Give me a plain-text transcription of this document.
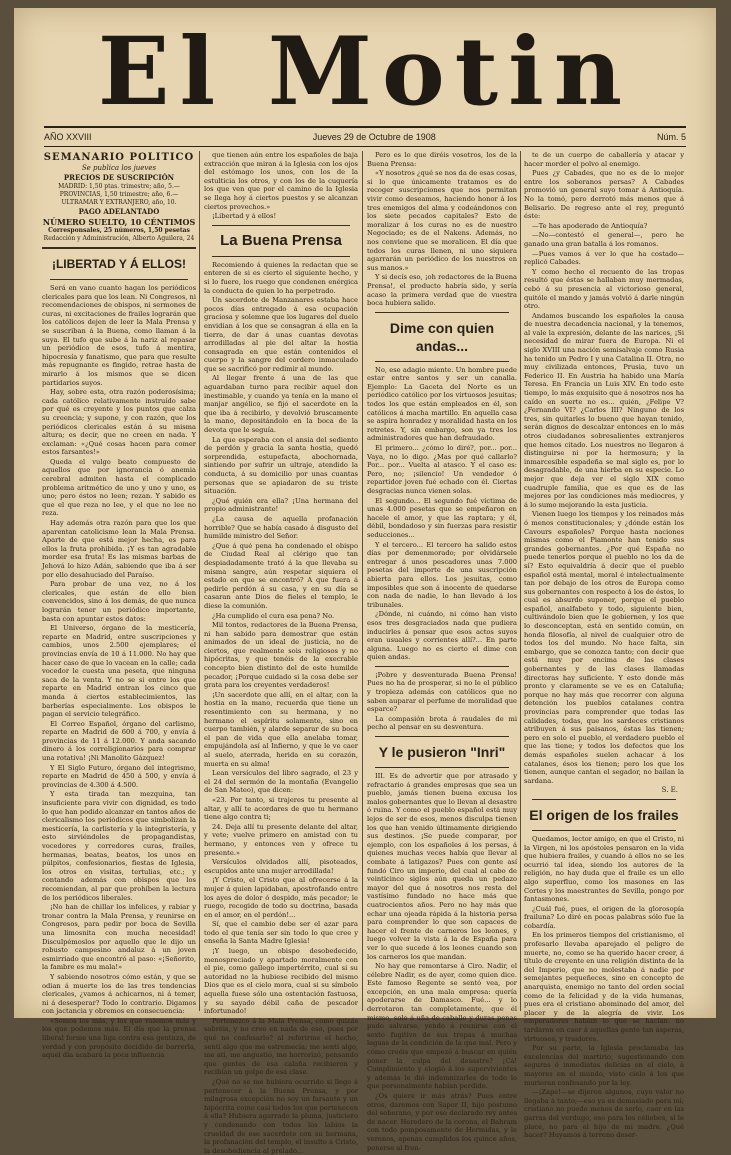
El Motin
AÑO XXVIII	Jueves 29 de Octubre de 1908	Núm. 5
SEMANARIO POLITICO
Se publica los jueves
PRECIOS DE SUSCRIPCIÓN
MADRID: 1,50 ptas. trimestre; año, 5.—PROVINCIAS, 1,50 trimestre; año, 6.—ULTRAMAR Y EXTRANJERO, año, 10.
PAGO ADELANTADO
NÚMERO SUELTO, 10 CÉNTIMOS
Corresponsales, 25 números, 1,50 pesetas
Redacción y Administración, Alberto Aguilera, 24
¡LIBERTAD Y Á ELLOS!

Será en vano cuanto hagan los periódicos clericales para que los lean. Ni Congresos, ni recomendaciones de obispos, ni sermones de curas, ni excitaciones de frailes lograrán que los católicos dejen de leer la Mala Prensa y se suscriban á la Buena, como llaman á la suya. El tufo que sube á la nariz al repasar un periódico de esos, tufo á mentira, hipocresía y fanatismo, que para que resulte más repugnante es fingido, retrae hasta de mirarlo á los mismos que se dicen partidarios suyos.

Hay, sobre esta, otra razón poderosísima; cada católico relativamente instruído sabe por qué es creyente y los puntos que calza su creencia; y supone, y con razón, que los periódicos clericales están á su misma altura; es decir, que no creen en nada. Y exclaman: «¿Qué cosas hacen para comer estos farsantes!»

Queda el vulgo beato compuesto de aquellos que por ignorancia ó anemia cerebral admiten hasta el complicado problema aritmético de uno y uno y uno, es uno; pero éstos no leen; rezan. Y sabido es que el que reza no lee, y el que no lee no reza.

Hay además otra razón para que los que aparentan catolicismo lean la Mala Prensa. Aparte de que está mejor hecha, es para ellos la fruta prohibida. ¡Y es tan agradable morder esa fruta! Es las mismas barbas de Jehová lo hizo Adán, sabiendo que iba á ser por ello desahuciado del Paraíso.

Para probar de una vez, no á los clericales, que están de ello bien convencidos, sino á los demás, de que nunca lograrán tener un periódico importante, basta con apuntar estos datos:

El Universo, órgano de la mesticería, reparte en Madrid, entre suscripciones y cambios, unos 2.500 ejemplares; el provincias envía de 10 á 11.000. No hay que hacer caso de que lo vacean en la calle; cada vocedor le cuesta una peseta, que ninguna saca de la venta. Y no se si entre los que reparte en Madrid entran los cinco que manda á ciertos establecimientos, las barberías especialmente. Los obispos le pagan el servicio telegráfico.

El Correo Español, órgano del carlismo, reparte en Madrid de 600 á 700, y envía á provincias de 11 á 12.000. Y anda sacando dinero á los correligionarios para comprar una rotativa! ¡Ni Manolito Gázquez!

Y El Siglo Futuro, órgano del integrismo, reparte en Madrid de 450 á 500, y envía á provincias de 4.300 á 4.500.

Y esta tirada tan mezquina, tan insuficiente para vivir con dignidad, es todo lo que han podido alcanzar en tantos años de clericalismo los periódicos que simbolizan la mesticería, la carlistería y la integristería, y esto sirviéndoles de propagandistas, vocedores y corredores curas, frailes, hermanas, beatas, beatos, los unos en púlpitos, confesionarios, fiestas de Iglesia, los otros en visitas, tertulias, etc.; y contando además con obispos que los recomiendan, al par que prohíben la lectura de los periódicos liberales.

¡No han de chillar los infelices, y rabiar y tronar contra la Mala Prensa, y reunirse en Congresos, para pedir por boca de Sevilla una limosnita con mucha necesidad! Disculpémoslos por aquello que le dijo un robusto campesino andaluz á un joven esmirriado que encontró al paso: «¡Señorito, la fambre es mu mala!»

Y sabiendo nosotros cómo están, y que se odian á muerte los de las tres tendencias clericales, ¿vamos á achicarnos, ni á temer, ni á desesperar? Todo lo contrario. Digamos con jactancia y obremos en consecuencia:

«Somos los más, y los que valemos más y los que podemos más. El día que la prensa liberal forme una liga contra esa gentuza, de verdad y con propósito decidido de barrerla, aquel día acabará la poca influencia

que tienen aún entre los españoles de baja extracción que miran á la Iglesia con los ojos del estómago los unos, con los de la estulticia los otros, y con los de la cuquería los que ven que por el camino de la Iglesia se llega hoy á ciertos puestos y se alcanzan ciertos provechos.»

¡Libertad y á ellos!

La Buena Prensa

Recomiendo á quienes la redactan que se enteren de si es cierto el siguiente hecho, y si lo fuere, los ruego que condenen enérgica la conducta de quien lo ha perpetrado.

Un sacerdote de Manzanares estaba hace pocos días entregado á esa ocupación graciosa y solemne que los lugares del duelo envidian á los que se consagran á ella en la tierra, de dar á unas cuantas devotas arrodilladas al pie del altar la hostia consagrada en que están contenidos el cuerpo y la sangre del cordero inmaculado que se sacrificó por redimir al mundo.

Al llegar frente á una de las que aguardaban turno para recibir aquel don inestimable, y cuando ya tenía en la mano el manjar angélico, se fijó el sacerdote en la que iba á recibirlo, y devolvió bruscamente la mano, depositándolo en la boca de la devota que le seguía.

La que esperaba con el ansia del sediento de perdón y gracia la santa hostia, quedó sorprendida, estupefacta, abochornada, sintiendo por sufrir un ultraje, atendido la conducta, á su domicilio por unas cuantas personas que se apiadaron de su triste situación.

¿Qué quién era ella? ¡Una hermana del propio administrante!

¿La causa de aquella profanación horrible? Que se había casado á disgusto del humilde ministro del Señor.

¿Que á qué pena ha condenado el obispo de Ciudad Real al clérigo que tan despiadadamente trató á la que llevaba su misma sangre, aún respetar siquiera el estado en que se encontró? A que fuera á pedirle perdón á su casa, y en su día se casaran ante Dios de fieles el templo, le diese la comunión.

¿Ha cumplido el cura esa pena? No.

Mil tontos, redactores de la Buena Prensa, ni han sabido para demostrar que están animados de un ideal de justicia, no de ciertos, que realmente sois religiosos y no hipócritas, y que tenéis de la execrable concepto bien distinto del de este humilde pecador, ¡Porque cuidado si la cosa debe ser grata para los creyentes verdaderos!

¡Un sacerdote que allí, en el altar, con la hostia en la mano, recuerda que tiene un resentimiento con su hermana, y no hermano el espíritu solamente, sino en cuerpo también, y alarde separar de su boca el pan de vida que ella anelaba tomar, empujándola así al Infierno, y que le ve caer al suelo, aterrada, herida en su corazón, muerta en su alma!

Lean versículos del libro sagrado, el 23 y el 24 del sermón de la montaña (Evangelio de San Mateo), que dicen:

«23. Por tanto, si trajeres tu presente al altar, y allí te acordares de que tu hermano tiene algo contra ti;

24. Deja allí tu presente delante del altar, y vete; vuelve primero en amistad con tu hermano, y entonces ven y ofrece tu presente.»

Versículos olvidados allí, pisoteados, escupidos ante una mujer arrodillada!

¡Y Cristo, el Cristo que al ofrecerse á la mujer á quien lapidaban, apostrofando entre los ayes de dolor ó despido, más pecador; le ruego, recogido de todo su doctrina, basada en el amor, en el perdón!...

Sí, que el cambio debe ser el azar para todo el que tenía ser sin todo lo que cree y enseña la Santa Madre Iglesia!

¡Y luego, un obispo desobedecido, menospreciado y apartado moralmente con el pie, como gallego impertérrito, cual si su autoridad no la hubiese recibido del mismo Dios que es el cielo mora, cual si su símbolo aquella fuese sólo una ostentación fastuosa, y su sayado débil caña de pescador infortunado!

Pertenezco á la Mala Prensa, como quizás sabréis, y no creo en nada de eso, pues por qué no confesarlo? al referirme el hecho, sentí algo que me estremecía; me sentí algo, me atí, me angustió, me horrorizó, pensando que gentes de esa calaña recibieron y recibían un golpe de esa clase.

¿Qué no se me hubiera ocurrido si llego á pertenecer á la Buena Prensa, y por milagrosa excepción no soy un farsante y un hipócrita como casi todos los que pertenecen á ella? Hubiera agarrado la pluma, justiciero y condenando con todos los labios la crueldad de ese sacerdote con su hermana, la profanación del templo, el insulto á Cristo, la desobediencia al prelado...

Pero es lo que diréis vosotros, los de la Buena Prensa:

«Y nosotros ¿qué se nos da de esas cosas, si lo que únicamente tratamos es de recoger suscripciones que nos permitan vivir como deseamos, haciendo honor á los tres enemigos del alma y codeándonos con los siete pecados capitales? Esto de moralizar á los curas no es de nuestro Negociado; es de el Nakens. Además, no nos conviene que se moralicen. El día que todos los curas llenen, ni uno siquiera agarrarán un periódico de los nuestros en sus manos.»

Y si decís eso, ¡oh redactores de la Buena Prensa!, el producto habría sido, y sería acaso la primera verdad que de vuestra boca hubiera salido.

Dime con quien andas...

No, ese adagio miente. Un hombre puede estar entre santos y ser un canalla. Ejemplo: La Gaceta del Norte es un periódico católico por los virtuosos jesuitas; todos los que están empleados en él, son católicos á macha martillo. En aquella casa se aspira honradez y moralidad hasta en los retretes. Y, sin embargo, son ya tres los administradores que han defraudado.

El primero... ¿cómo lo diré?, por... por... Vaya, no lo digo. ¿Mas por qué callarlo? Por... por... Vuelta al atasco. Y el caso es: Pero, no; ¡silencio! Un vendedor ó repartidor joven fué echado con él. Ciertas desgracias nunca vienen solas.

El segundo... El segundo fué víctima de unas 4.000 pesetas que se empeñaron en hacele el amor, y que las raptara; y él, débil, bondadoso y sin fuerzas para resistir seducciones...

Y el tercero... El tercero ha salido estos días por demenmorado; por olvidársele entregar á unos pescadores unas 7.000 pesetas del importe de una suscripción abierta para ellos. Los jesuitas, como imposibles que son á inocente de quedarse con nada de nadie, lo han llevado á los tribunales.

¿Dónde, ni cuándo, ni cómo han visto esos tres desgraciados nada que pudiera inducirles á pensar que esos actos suyos eran usuales y corrientes allí?... En parte alguna. Luego no es cierto el dime con quien andas.

¡Pobre y desventurada Buena Prensa! Pues no ha de prosperar, si no le el público y tropieza además con católicos que no saben auparar el perfume de moralidad que esparce?

La compasión brota á raudales de mi pecho al pensar en su desventura.

Y le pusieron "Inri"

III. Es de advertir que por atrasado y refractario á grandes empresas que sea un pueblo, jamás tienen buena excusa los malos gobernantes que lo llevan al desastre ó ruina. Y como el pueblo español está muy lejos de ser de esos, menos disculpa tienen los que han venido últimamente dirigiendo sus destinos. ¡Se puede comparar, por ejemplo, con los españoles á los persas, á quienes muchas veces había que llevar al combate á latigazos? Pues con gente así fundó Ciro un imperio, del cual al cabo de veinticinco siglos aún queda un pedazo mayor del que á nosotros nos resta del vastísimo fundado no hace más que cuatrocientos años. Pero no hay más que echar una ojeada rápida á la historia persa para comprender lo que son capaces de hacer el frente de carneros los leones, y luego volver la vista á la de España para ver lo que sucede á los leones cuando son los carneros los que mandan.

No hay que remontarse á Ciro. Nadir, el célebre Nadir, es de ayer, como quien dice. Este famoso Regente se sentó vea, por excepción, en una mala empresa: quería apoderarse de Damasco. Fué... y lo derrotaron tan completamente, que él mismo, solo á uña de caballo y duras penas pudo salvarse, yendo á reunirse con el sexto fugitivo de sus tropas á muchas leguas de la condición de la que mal. Pero y cómo creéis que empezó á buscar en quién poner la culpa del desastre? ¡Cá! Cumplimiento y elogió á los supervivientes y además le dió indemnizarles de todo lo que personalmente habían perdido.

¿Os quiere ir más atrás? Pues entre otros, daremos con Sapor II, hijo póstumo del soberano, y por eso declarado rey antes de nacer. Heredero de la corona, el Bahram con todo pomposamente de Hermidas, y le verenos, apenas cumplidos los quince años, ponerse al fren-

te de un cuerpo de caballería y atacar y hacer morder el polvo al enemigo.

Pues ¿y Cabades, que no es de lo mejor entre los soberanos persas? A Cabades promovió un general suyo tomar á Antioquía. No la tomó, pero derrotó más menos que á Belisario. De regreso ante el rey, preguntó éste:

—Te has apoderado de Antioquía?

—No—contestó el general—, pero he ganado una gran batalla á los romanos.

—Pues vamos á ver lo que ha costado—replicó Cabades.

Y como hecho el recuento de las tropas resultó que éstas se hallaban muy mermadas, cebó á su presencia al victorioso general, quitóle el mando y jamás volvió á darle ningún otro.

Andamos buscando los españoles la causa de nuestra decadencia nacional, y la tenemos, al vale la expresión, delante de las narices, ¡Si necesidad de mirar fuera de Europa. Ni el siglo XVIII una nación semisalvaje como Rusia ha tenido un Pedro I y una Catalina II. Otra, no muy civilizada entonces, Prusia, tuvo un Federico II. En Austria ha habido una María Teresa. En Francia un Luis XIV. En todo este tiempo, lo más exquisito que á nosotros nos ha caído en suerte no es... quién, ¿Felipe V? ¿Fernando VI? ¿Carlos III? Ninguno de los tres, sin quitarles lo bueno que hayan tenido, serán dignos de descalzar entonces en lo más otros ciudadanos sobresalientes extranjeros que hemos citado. Los nuestros no llegaron á distinguirse ni por la hermosura; y la inmarcesible espadeña se mal siglo es, por lo desagradable, de una hierba en su especie. Lo mejor que deja ver el siglo XIX como cuadruple familia, que es que es de las mejores por las condiciones más mediocres, y á lo sumo mejorando la esta justicia.

Vienen luego los tiempos y los reinados más ó menos constitucionales; y ¿dónde están los Cavours españoles? Porque hasta naciones mismas como el Piamonte han tenido sus grandes gobernantes. ¿Por qué España no puede tenerlos porque el pueblo no los da de sí? Esto equivaldría á decir que el pueblo español está mental, moral é intelectualmente tan por debajo de los otros de Europa como sus gobernantes con respecto á los de éstos, lo cual es absurdo suponer, porque el pueblo español, analfabeto y todo, siguiente bien, cultivándolo bien que le gobiernen, y los que lo desconceptan, está en sentido común, en honda filosofía, al nivel de cualquier otro de todos los del mundo. No hace falta, sin embargo, que se conozca tanto; con decir que está muy por encima de las clases gobernantes y de las clases llamadas directoras hay suficiente. Y esto donde más pronto y claramente se ve es en Cataluña; porque no hay más que recorrer con alguna detención los pueblos catalanes contra provincias para comprender que todas las calidades, todas, que los sardeces cristianos atribuyen á sus paisanos, éstas las tienen; pero en solo el pueblo, el verdadero pueblo el que las tiene; y todos los defectos que los demás españoles suelen achacar á los catalanes, ésos los tienen; pero los que los tienen, aunque cantan el segador, no bailan la sardana.

S. E.
El origen de los frailes

Quedamos, lector amigo, en que el Cristo, ni la Virgen, ni los apóstoles pensaron en la vida que hubiera frailes, y cuando á ellos no se les ocurrió tal idea, siendo los autores de la religión, no hay duda que el fraile es un ello algo superfluo, como los masones en las Cortes y los maestrantes de Sevilla, pongo por fantasmones.

¿Cuál fué, pues, el origen de la glorosopía frailuna? Lo diré en pocas palabras sólo fue la cobardía.

En los primeros tiempos del cristianismo, el profesarlo llevaba aparejado el peligro de muerte, no, como se ha querido hacer creer, á título de creyente en una religión distinta de la del Imperio, que no molestaba á nadie por semejantes pequeñeces, sino en concepto de anarquista, enemigo no tanto del orden social como de la felicidad y de la vida humanas, pues era el cristiano abominado del amor, del placer y de la alegría de vivir. Los emperadores habían lo que se hacían: no tardaron en caer á aquellas gente tan ásperas, virtuosos, y traidores.

Por su parte, la Iglesia proclamaba las excelencias del martirio, sugestionando con seguras é inmediatas delicias en el cielo, á mayores en el mundo, visto cielo á los que murieran confesando por la ley.

—¡Zape!—se dijeron algunos, cuyo valor no llegaba á tanto;—eso ya es demasiado para mí; cristiano no puedo menos de serlo, caer en las garras del verdugo, eso para los céliebes, sí le place, no para el hijo de mi madre. ¿Qué hacer? Huyamos á terreno deser-
